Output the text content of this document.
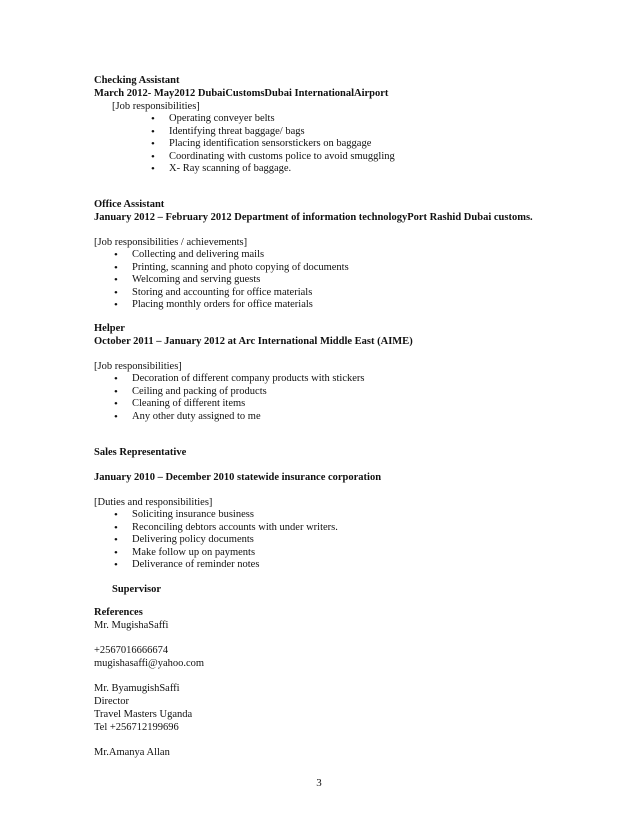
Checking Assistant
March 2012- May2012 DubaiCustomsDubai InternationalAirport
[Job responsibilities]
• Operating conveyer belts
• Identifying threat baggage/ bags
• Placing identification sensorstickers on baggage
• Coordinating with customs police to avoid smuggling
• X- Ray scanning of baggage.
Office Assistant
January 2012 – February 2012 Department of information technologyPort Rashid Dubai customs.
[Job responsibilities / achievements]
• Collecting and delivering mails
• Printing, scanning and photo copying of documents
• Welcoming and serving guests
• Storing and accounting for office materials
• Placing monthly orders for office materials
Helper
October 2011 – January 2012 at Arc International Middle East (AIME)
[Job responsibilities]
• Decoration of different company products with stickers
• Ceiling and packing of products
• Cleaning of different items
• Any other duty assigned to me
Sales Representative
January 2010 – December 2010 statewide insurance corporation
[Duties and responsibilities]
• Soliciting insurance business
• Reconciling debtors accounts with under writers.
• Delivering policy documents
• Make follow up on payments
• Deliverance of reminder notes
Supervisor
References
Mr. MugishaSaffi
+2567016666674
mugishasaffi@yahoo.com
Mr. ByamugishSaffi
Director
Travel Masters Uganda
Tel +256712199696
Mr.Amanya Allan
3
